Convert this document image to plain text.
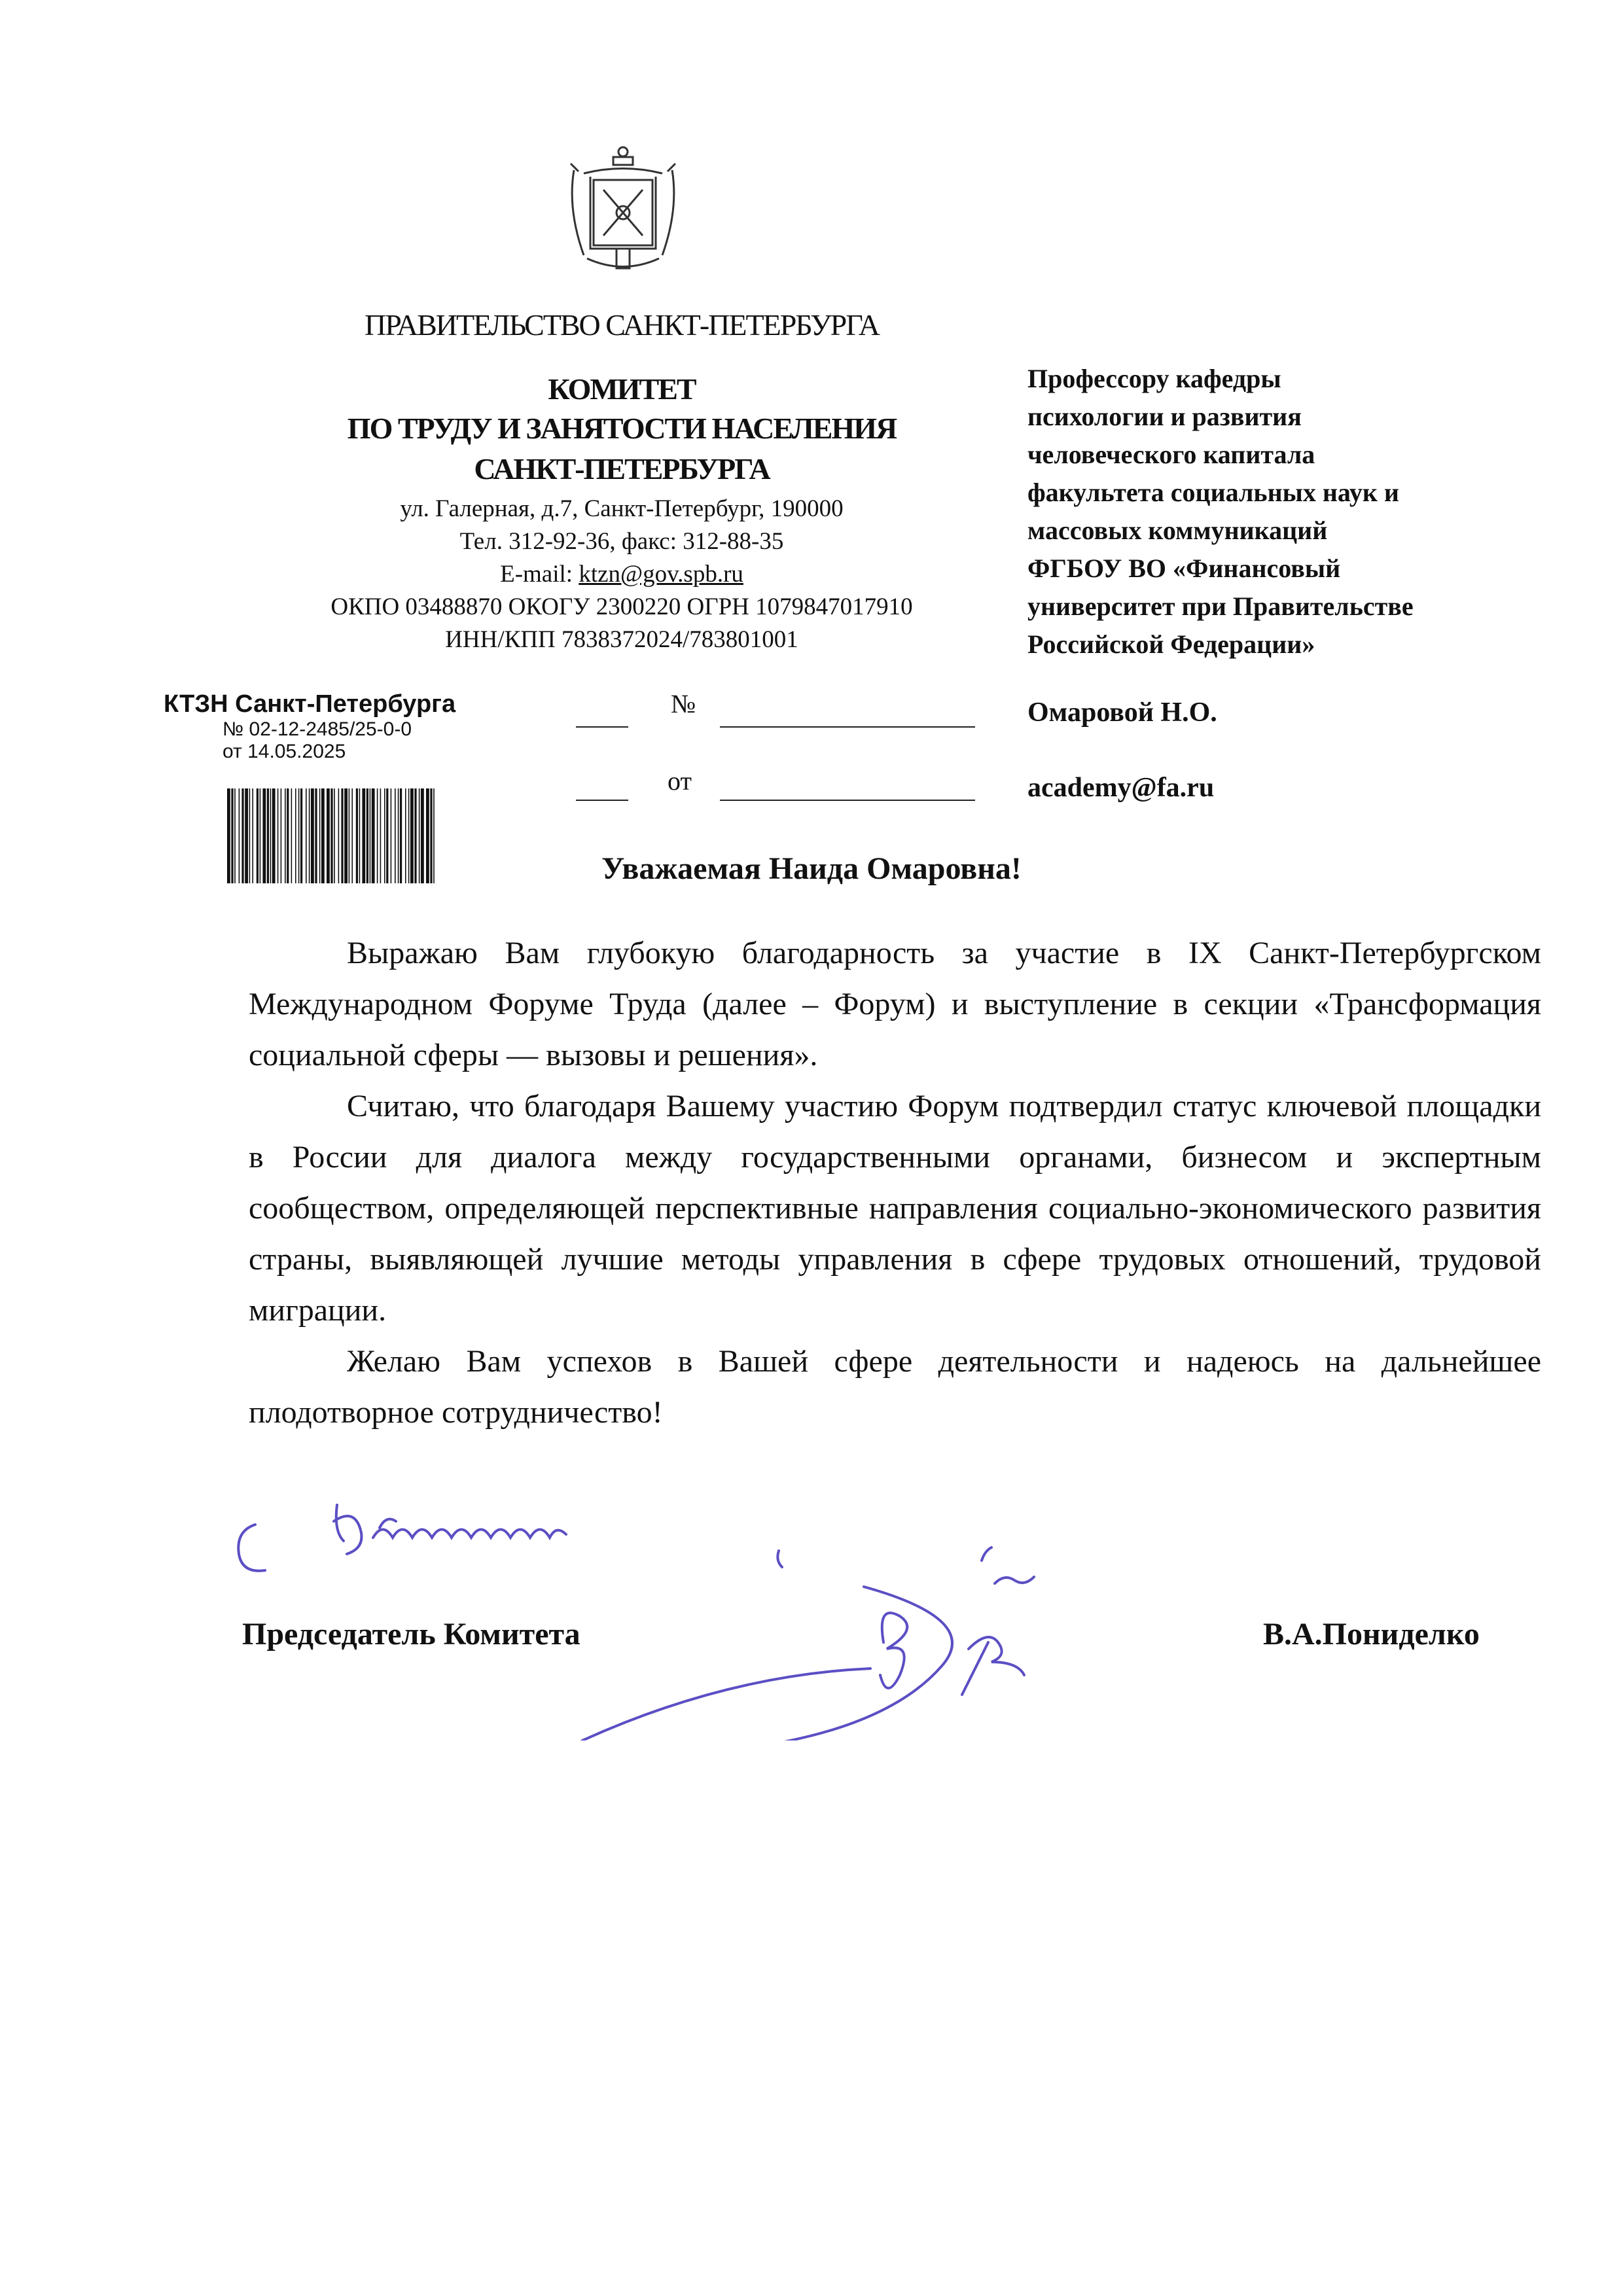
ПРАВИТЕЛЬСТВО САНКТ-ПЕТЕРБУРГА
КОМИТЕТ
ПО ТРУДУ И ЗАНЯТОСТИ НАСЕЛЕНИЯ
САНКТ-ПЕТЕРБУРГА
ул. Галерная, д.7, Санкт-Петербург, 190000
Тел. 312-92-36, факс: 312-88-35
E-mail: ktzn@gov.spb.ru
ОКПО 03488870 ОКОГУ 2300220 ОГРН 1079847017910
ИНН/КПП 7838372024/783801001
Профессору кафедры
психологии и развития
человеческого капитала
факультета социальных наук и
массовых коммуникаций
ФГБОУ ВО «Финансовый
университет при Правительстве
Российской Федерации»
Омаровой Н.О.
academy@fa.ru
№
от
КТЗН Санкт-Петербурга
№ 02-12-2485/25-0-0
от 14.05.2025
Уважаемая Наида Омаровна!

Выражаю Вам глубокую благодарность за участие в IX Санкт-Петербургском Международном Форуме Труда (далее – Форум) и выступление в секции «Трансформация социальной сферы — вызовы и решения».

Считаю, что благодаря Вашему участию Форум подтвердил статус ключевой площадки в России для диалога между государственными органами, бизнесом и экспертным сообществом, определяющей перспективные направления социально-экономического развития страны, выявляющей лучшие методы управления в сфере трудовых отношений, трудовой миграции.

Желаю Вам успехов в Вашей сфере деятельности и надеюсь на дальнейшее плодотворное сотрудничество!

Председатель Комитета	В.А.Пониделко
